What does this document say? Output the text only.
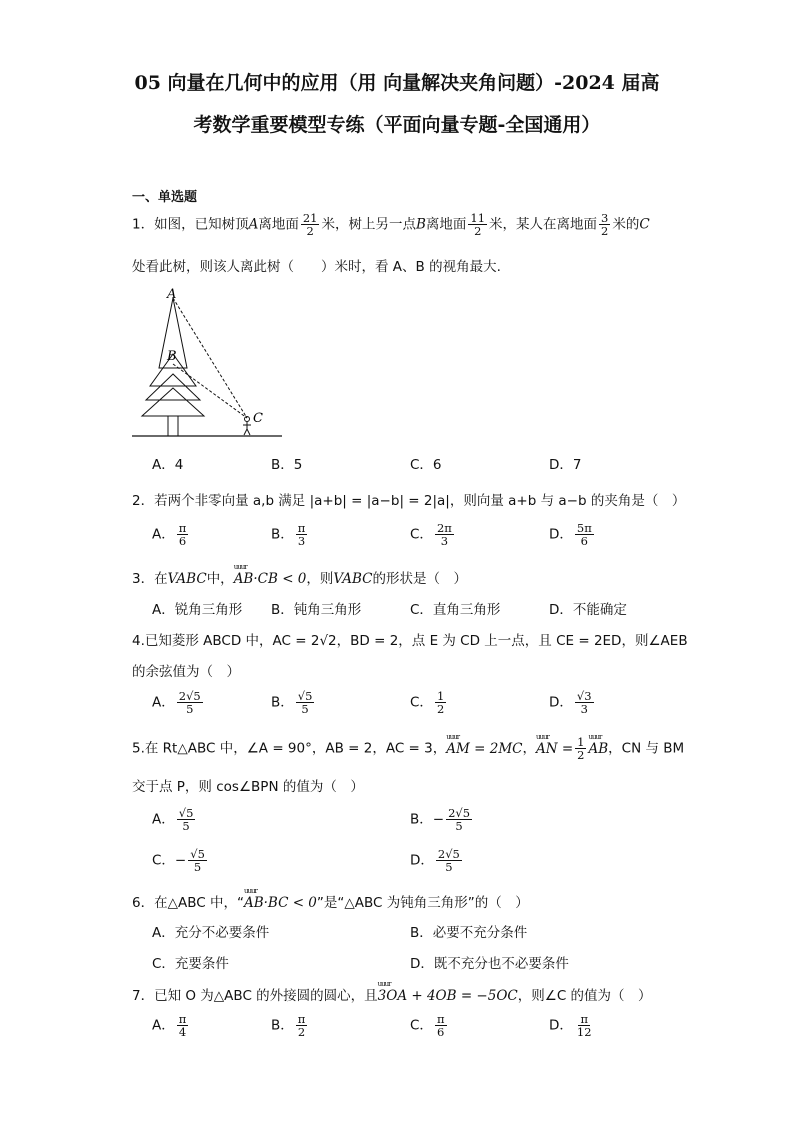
05 向量在几何中的应用（用 向量解决夹角问题）-2024 届高
考数学重要模型专练（平面向量专题-全国通用）
一、单选题
1．如图，已知树顶A离地面 $\frac{21}{2}$ 米，树上另一点B离地面 $\frac{11}{2}$ 米，某人在离地面 $\frac{3}{2}$ 米的C
处看此树，则该人离此树（　　）米时，看 A、B 的视角最大.
A
B
C
A．4	B．5	C．6	D．7
2．若两个非零向量 a,b 满足 |a+b| = |a−b| = 2|a|，则向量 a+b 与 a−b 的夹角是（　）
A． $\frac{\pi}{6}$	B． $\frac{\pi}{3}$	C． $\frac{2\pi}{3}$	D． $\frac{5\pi}{6}$
3．在VABC中，uuur AB·CB < 0，则VABC的形状是（　）
A．锐角三角形 B．钝角三角形	C．直角三角形	D．不能确定
4.已知菱形 ABCD 中，AC = 2√2，BD = 2，点 E 为 CD 上一点，且 CE = 2ED，则∠AEB
的余弦值为（　）
A． $\frac{2√5}{5}$	B． $\frac{√5}{5}$	C． $\frac{1}{2}$	D． $\frac{√3}{3}$
5.在 Rt△ABC 中，∠A = 90°，AB = 2，AC = 3，uuur AM = 2MC，uuur AN = $\frac{1}{2}$
uuur AB，CN 与 BM
交于点 P，则 cos∠BPN 的值为（　）
A． $\frac{√5}{5}$	B．− $\frac{2√5}{5}$
C．− $\frac{√5}{5}$	D． $\frac{2√5}{5}$
6．在△ABC 中，“uuur AB·BC < 0”是“△ABC 为钝角三角形”的（　）
A．充分不必要条件	B．必要不充分条件
C．充要条件	D．既不充分也不必要条件
7．已知 O 为△ABC 的外接圆的圆心，且uuur 3OA + 4OB = −5OC，则∠C 的值为（　）
A． $\frac{\pi}{4}$	B． $\frac{\pi}{2}$	C． $\frac{\pi}{6}$	D． $\frac{\pi}{12}$
